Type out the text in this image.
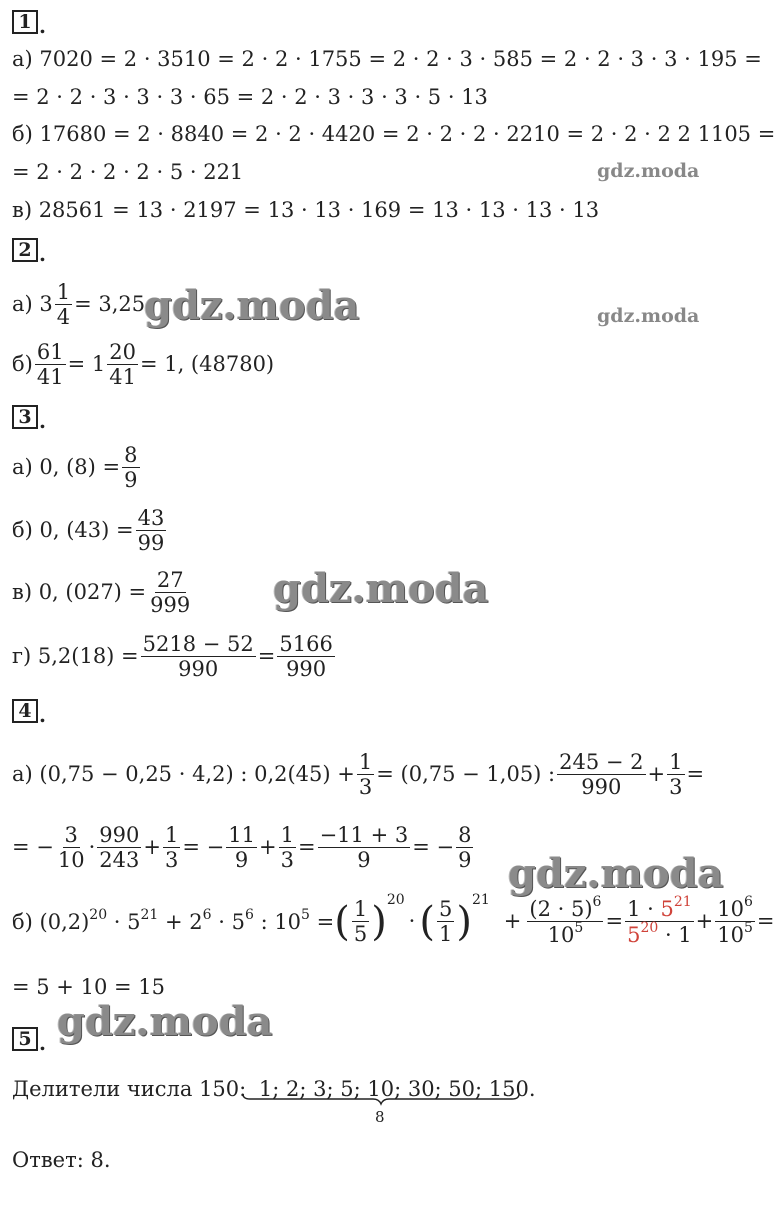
1 .
а) 7020 = 2 · 3510 = 2 · 2 · 1755 = 2 · 2 · 3 · 585 = 2 · 2 · 3 · 3 · 195 =
= 2 · 2 · 3 · 3 · 3 · 65 = 2 · 2 · 3 · 3 · 3 · 5 · 13
б) 17680 = 2 · 8840 = 2 · 2 · 4420 = 2 · 2 · 2 · 2210 = 2 · 2 · 2 2 1105 =
= 2 · 2 · 2 · 2 · 5 · 221
в) 28561 = 13 · 2197 = 13 · 13 · 169 = 13 · 13 · 13 · 13
2 .
а) $3 \frac{1}{4} = 3,25$
$б) \frac{61}{41} = 1 \frac{20}{41} = 1$, (48780)
3 .
а) 0, $(8) = \frac{8}{9}$
б) 0, $(43) = \frac{43}{99}$
в) 0, $(027) = \frac{27}{999}$
г) $5,2(18) = \frac{5218 - 52}{990} = \frac{5166}{990}$
4 .
а) (0,75 − 0,25 · 4,2) : $0,2(45) + \frac{1}{3} = (0,75 - 1,05)$ : $\frac{245 - 2}{990} + \frac{1}{3}$ =
= − $\frac{3}{10} \cdot \frac{990}{243} + \frac{1}{3}$ = − $\frac{11}{9} + \frac{1}{3} = \frac{-11 + 3}{9}$ = − $\frac{8}{9}$
б) $(0,2)^{20} \cdot 5^{21} + 2^6 \cdot 5^6$ : $10^5$ = ( $\frac{1}{5} )^{20}$
· ( $\frac{5}{1} )^{21}$
+ $\frac{(2 \cdot 5)^6}{10^5} = \frac{1 \cdot 5^{21}}{5^{20} \cdot 1} + \frac{10^6}{10^5}$ =
= 5 + 10 = 15
5 .
Делители числа 150: 1; 2; 3; 5; 10; 30; 50; 150.
8
Ответ: 8.
gdz.moda
gdz.moda	gdz.moda
gdz.moda
gdz.moda
gdz.moda
